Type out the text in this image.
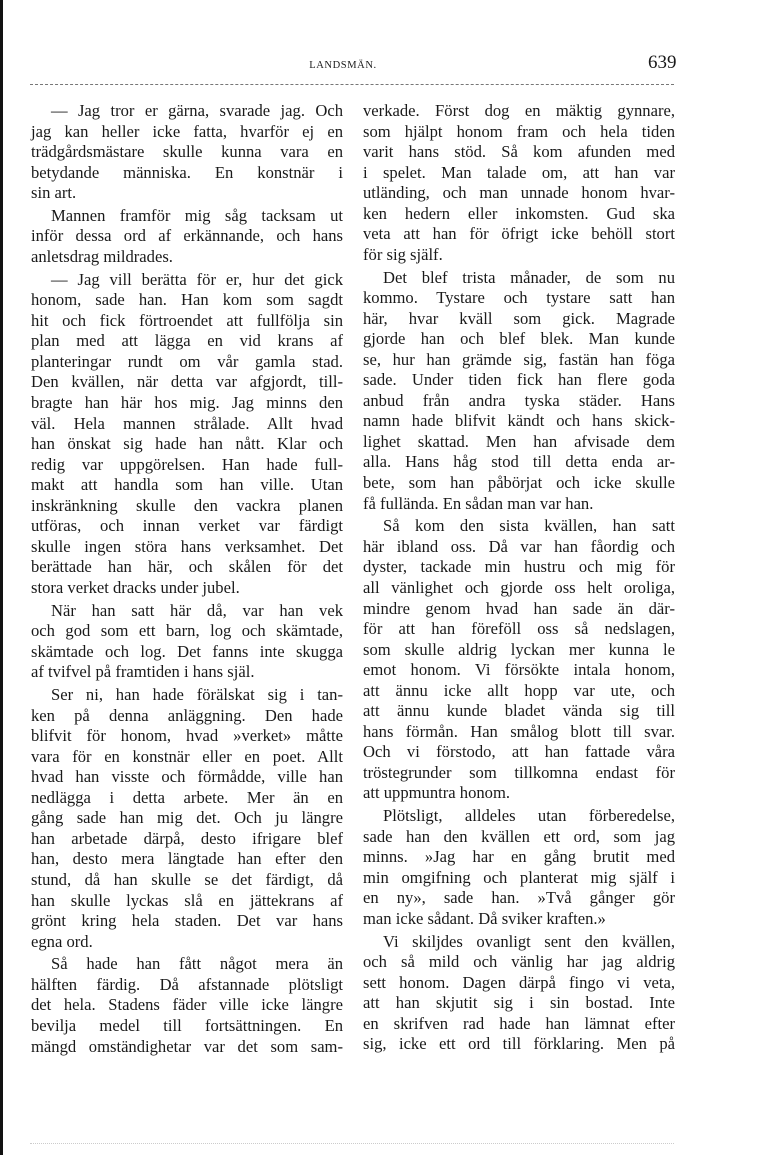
LANDSMÄN.	639
— Jag tror er gärna, svarade jag. Och
jag kan heller icke fatta, hvarför ej en
trädgårdsmästare skulle kunna vara en
betydande människa. En konstnär i
sin art.
Mannen framför mig såg tacksam ut
inför dessa ord af erkännande, och hans
anletsdrag mildrades.
— Jag vill berätta för er, hur det gick
honom, sade han. Han kom som sagdt
hit och fick förtroendet att fullfölja sin
plan med att lägga en vid krans af
planteringar rundt om vår gamla stad.
Den kvällen, när detta var afgjordt, till-
bragte han här hos mig. Jag minns den
väl. Hela mannen strålade. Allt hvad
han önskat sig hade han nått. Klar och
redig var uppgörelsen. Han hade full-
makt att handla som han ville. Utan
inskränkning skulle den vackra planen
utföras, och innan verket var färdigt
skulle ingen störa hans verksamhet. Det
berättade han här, och skålen för det
stora verket dracks under jubel.
När han satt här då, var han vek
och god som ett barn, log och skämtade,
skämtade och log. Det fanns inte skugga
af tvifvel på framtiden i hans själ.
Ser ni, han hade förälskat sig i tan-
ken på denna anläggning. Den hade
blifvit för honom, hvad »verket» måtte
vara för en konstnär eller en poet. Allt
hvad han visste och förmådde, ville han
nedlägga i detta arbete. Mer än en
gång sade han mig det. Och ju längre
han arbetade därpå, desto ifrigare blef
han, desto mera längtade han efter den
stund, då han skulle se det färdigt, då
han skulle lyckas slå en jättekrans af
grönt kring hela staden. Det var hans
egna ord.
Så hade han fått något mera än
hälften färdig. Då afstannade plötsligt
det hela. Stadens fäder ville icke längre
bevilja medel till fortsättningen. En
mängd omständighetar var det som sam-
verkade. Först dog en mäktig gynnare,
som hjälpt honom fram och hela tiden
varit hans stöd. Så kom afunden med
i spelet. Man talade om, att han var
utländing, och man unnade honom hvar-
ken hedern eller inkomsten. Gud ska
veta att han för öfrigt icke behöll stort
för sig själf.
Det blef trista månader, de som nu
kommo. Tystare och tystare satt han
här, hvar kväll som gick. Magrade
gjorde han och blef blek. Man kunde
se, hur han grämde sig, fastän han föga
sade. Under tiden fick han flere goda
anbud från andra tyska städer. Hans
namn hade blifvit kändt och hans skick-
lighet skattad. Men han afvisade dem
alla. Hans håg stod till detta enda ar-
bete, som han påbörjat och icke skulle
få fullända. En sådan man var han.
Så kom den sista kvällen, han satt
här ibland oss. Då var han fåordig och
dyster, tackade min hustru och mig för
all vänlighet och gjorde oss helt oroliga,
mindre genom hvad han sade än där-
för att han föreföll oss så nedslagen,
som skulle aldrig lyckan mer kunna le
emot honom. Vi försökte intala honom,
att ännu icke allt hopp var ute, och
att ännu kunde bladet vända sig till
hans förmån. Han smålog blott till svar.
Och vi förstodo, att han fattade våra
tröstegrunder som tillkomna endast för
att uppmuntra honom.
Plötsligt, alldeles utan förberedelse,
sade han den kvällen ett ord, som jag
minns. »Jag har en gång brutit med
min omgifning och planterat mig själf i
en ny», sade han. »Två gånger gör
man icke sådant. Då sviker kraften.»
Vi skiljdes ovanligt sent den kvällen,
och så mild och vänlig har jag aldrig
sett honom. Dagen därpå fingo vi veta,
att han skjutit sig i sin bostad. Inte
en skrifven rad hade han lämnat efter
sig, icke ett ord till förklaring. Men på
